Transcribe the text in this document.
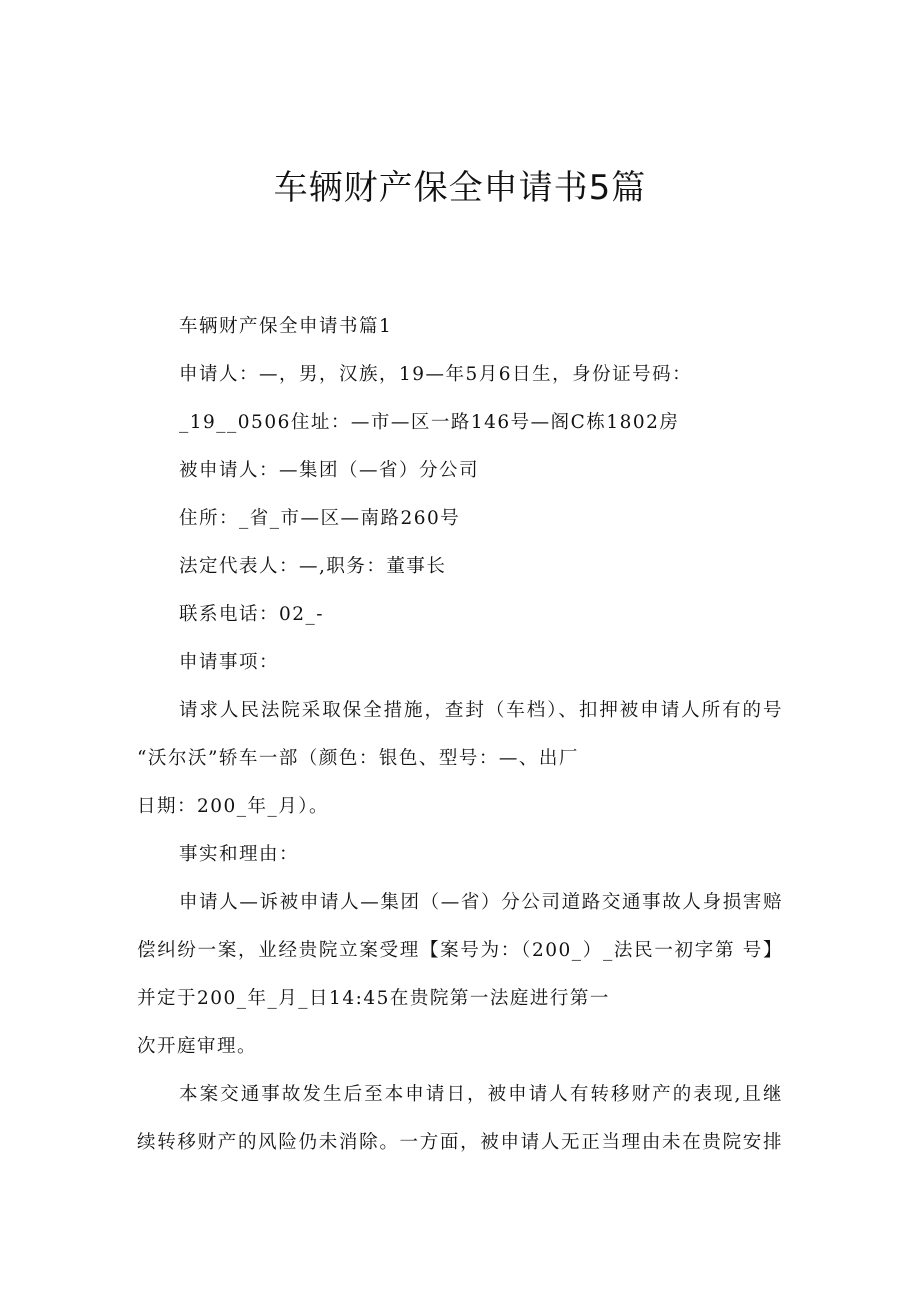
车辆财产保全申请书5篇
车辆财产保全申请书篇1
申请人：—，男，汉族，19—年5月6日生，身份证号码：
_19__0506住址：—市—区一路146号—阁C栋1802房
被申请人：—集团（—省）分公司
住所：_省_市—区—南路260号
法定代表人：—,职务：董事长
联系电话：02_-
申请事项：
请求人民法院采取保全措施，查封（车档）、扣押被申请人所有的号
“沃尔沃”轿车一部（颜色：银色、型号：—、出厂
日期：200_年_月）。
事实和理由：
申请人—诉被申请人—集团（—省）分公司道路交通事故人身损害赔
偿纠纷一案，业经贵院立案受理【案号为：（200_）_法民一初字第 号】
并定于200_年_月_日14:45在贵院第一法庭进行第一
次开庭审理。
本案交通事故发生后至本申请日，被申请人有转移财产的表现,且继
续转移财产的风险仍未消除。一方面，被申请人无正当理由未在贵院安排
